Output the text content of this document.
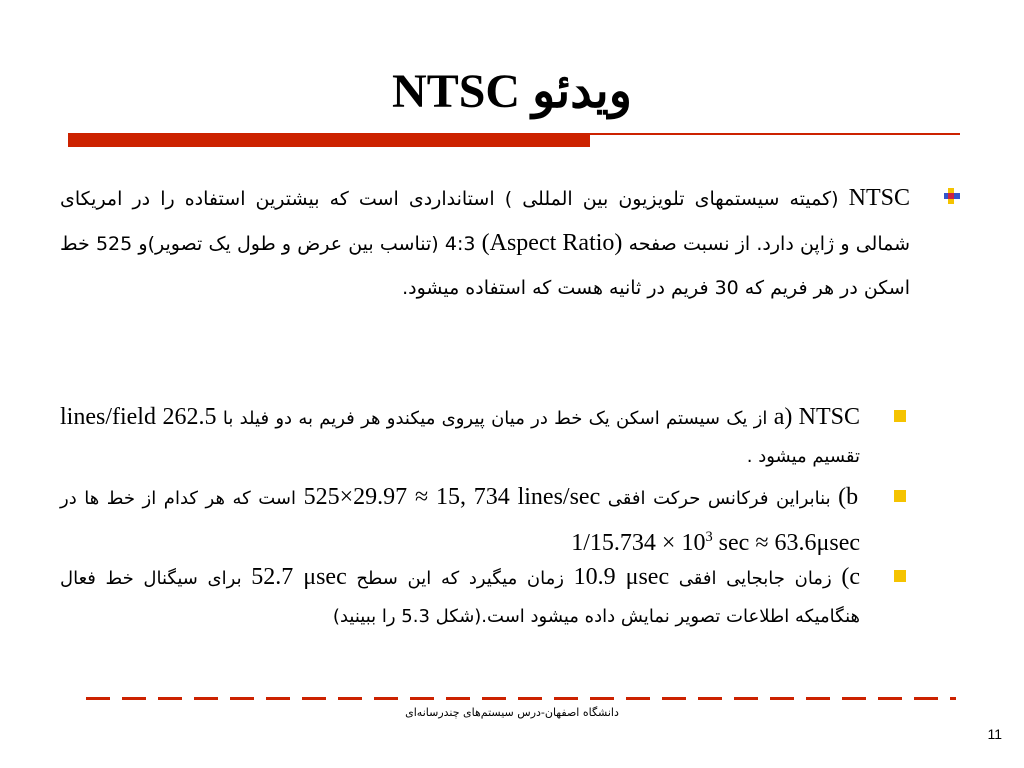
ویدئو NTSC
NTSC (کمیته سیستمهای تلویزیون بین المللی ) استانداردی است که بیشترین استفاده را در امریکای شمالی و ژاپن دارد. از نسبت صفحه (Aspect Ratio) 4:3 (تناسب بین عرض و طول یک تصویر)و 525 خط اسکن در هر فریم که 30 فریم در ثانیه هست که استفاده میشود.
a) NTSC از یک سیستم اسکن یک خط در میان پیروی میکندو هر فریم به دو فیلد با 262.5 lines/field تقسیم میشود .
b) بنابراین فرکانس حرکت افقی 525×29.97 ≈ 15, 734 lines/sec است که هر کدام از خط ها در $1/15.734 \times 10^3$ sec ≈ 63.6μsec
c) زمان جابجایی افقی 10.9 μsec زمان میگیرد که این سطح 52.7 μsec برای سیگنال خط فعال هنگامیکه اطلاعات تصویر نمایش داده میشود است.(شکل 5.3 را ببینید)
دانشگاه اصفهان-درس سیستم‌های چندرسانه‌ای
11
